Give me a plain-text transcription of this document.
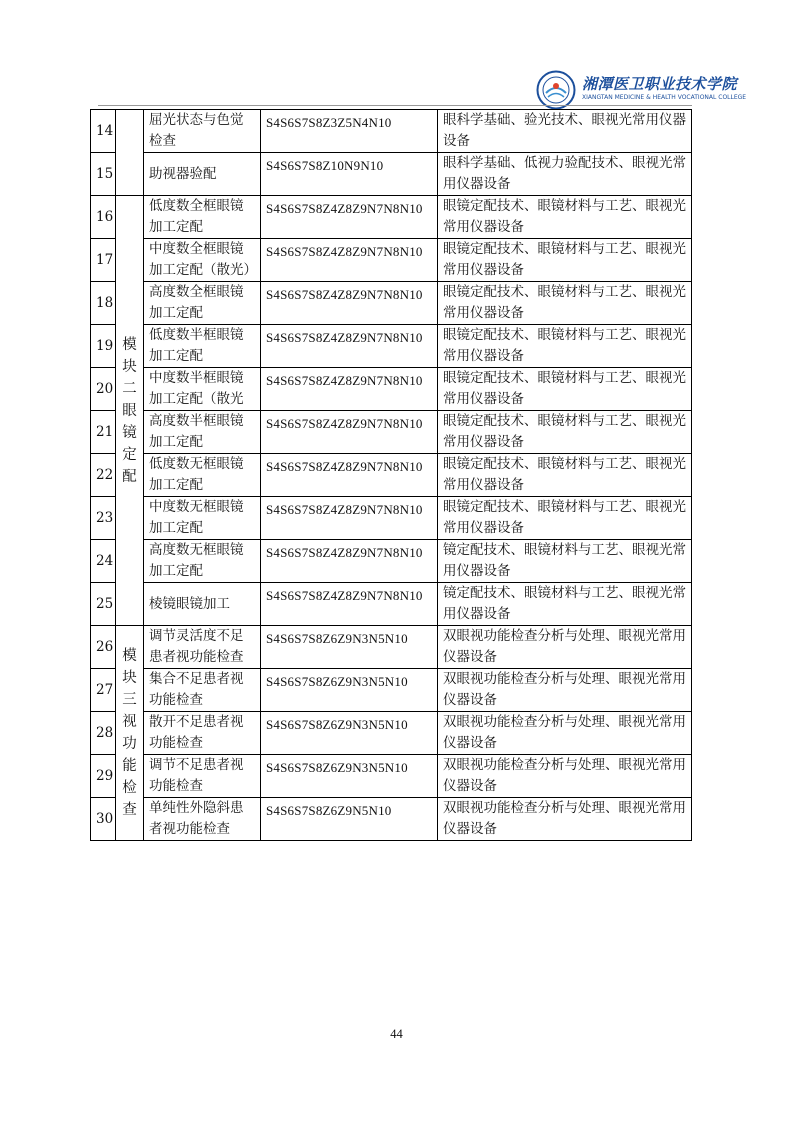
湘潭医卫职业技术学院
XIANGTAN MEDICINE & HEALTH VOCATIONAL COLLEGE
14		屈光状态与色觉检查	S4S6S7S8Z3Z5N4N10	眼科学基础、验光技术、眼视光常用仪器设备
15		助视器验配	S4S6S7S8Z10N9N10	眼科学基础、低视力验配技术、眼视光常用仪器设备
16	模块二眼镜定配	低度数全框眼镜加工定配	S4S6S7S8Z4Z8Z9N7N8N10	眼镜定配技术、眼镜材料与工艺、眼视光常用仪器设备
17		中度数全框眼镜加工定配（散光）	S4S6S7S8Z4Z8Z9N7N8N10	眼镜定配技术、眼镜材料与工艺、眼视光常用仪器设备
18		高度数全框眼镜加工定配	S4S6S7S8Z4Z8Z9N7N8N10	眼镜定配技术、眼镜材料与工艺、眼视光常用仪器设备
19		低度数半框眼镜加工定配	S4S6S7S8Z4Z8Z9N7N8N10	眼镜定配技术、眼镜材料与工艺、眼视光常用仪器设备
20		中度数半框眼镜加工定配（散光	S4S6S7S8Z4Z8Z9N7N8N10	眼镜定配技术、眼镜材料与工艺、眼视光常用仪器设备
21		高度数半框眼镜加工定配	S4S6S7S8Z4Z8Z9N7N8N10	眼镜定配技术、眼镜材料与工艺、眼视光常用仪器设备
22		低度数无框眼镜加工定配	S4S6S7S8Z4Z8Z9N7N8N10	眼镜定配技术、眼镜材料与工艺、眼视光常用仪器设备
23		中度数无框眼镜加工定配	S4S6S7S8Z4Z8Z9N7N8N10	眼镜定配技术、眼镜材料与工艺、眼视光常用仪器设备
24		高度数无框眼镜加工定配	S4S6S7S8Z4Z8Z9N7N8N10	镜定配技术、眼镜材料与工艺、眼视光常用仪器设备
25		棱镜眼镜加工	S4S6S7S8Z4Z8Z9N7N8N10	镜定配技术、眼镜材料与工艺、眼视光常用仪器设备
26	模块三视功能检查	调节灵活度不足患者视功能检查	S4S6S7S8Z6Z9N3N5N10	双眼视功能检查分析与处理、眼视光常用仪器设备
27		集合不足患者视功能检查	S4S6S7S8Z6Z9N3N5N10	双眼视功能检查分析与处理、眼视光常用仪器设备
28		散开不足患者视功能检查	S4S6S7S8Z6Z9N3N5N10	双眼视功能检查分析与处理、眼视光常用仪器设备
29		调节不足患者视功能检查	S4S6S7S8Z6Z9N3N5N10	双眼视功能检查分析与处理、眼视光常用仪器设备
30		单纯性外隐斜患者视功能检查	S4S6S7S8Z6Z9N5N10	双眼视功能检查分析与处理、眼视光常用仪器设备
44
